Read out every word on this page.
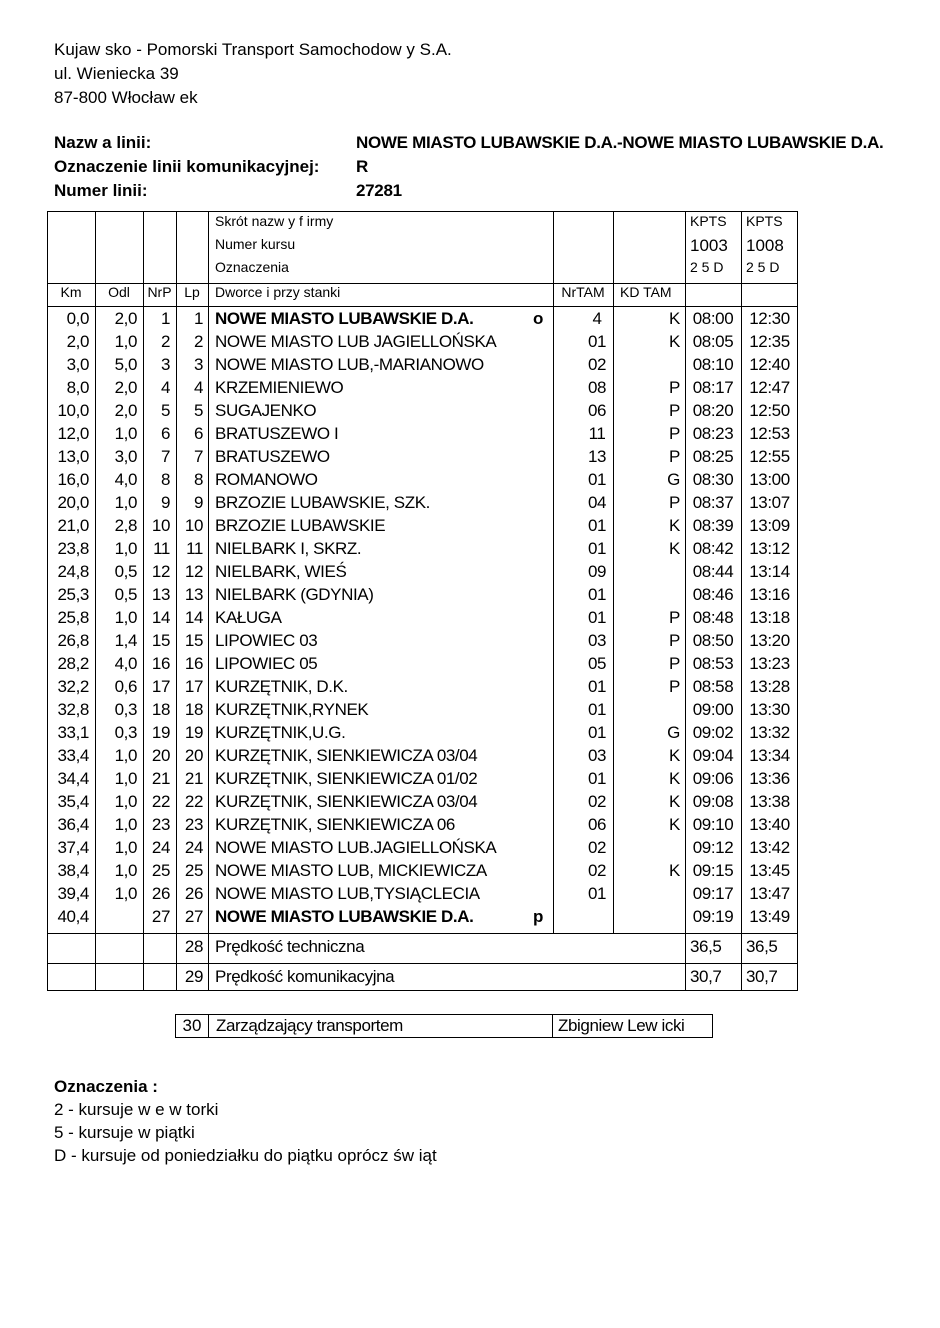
Kujaw sko - Pomorski Transport Samochodow y S.A.
ul. Wieniecka 39
87-800 Włocław ek
Nazw a linii:	NOWE MIASTO LUBAWSKIE D.A.-NOWE MIASTO LUBAWSKIE D.A.
Oznaczenie linii komunikacyjnej: R
Numer linii:	27281
Skrót nazw y f irmy
Numer kursu
Oznaczenia
KPTS
1003
2 5 D
KPTS
1008
2 5 D
Km	Odl	NrP Lp	Dworce i przy stanki	NrTAM	KD TAM
0,0	2,0	1	1 NOWE MIASTO LUBAWSKIE D.A.	o	4	K 08:00 12:30
2,0	1,0	2	2 NOWE MIASTO LUB JAGIELLOŃSKA	01	K 08:05 12:35
3,0	5,0	3	3 NOWE MIASTO LUB,-MARIANOWO	02	08:10 12:40
8,0	2,0	4	4 KRZEMIENIEWO	08	P 08:17 12:47
10,0	2,0	5	5 SUGAJENKO	06	P 08:20 12:50
12,0	1,0	6	6 BRATUSZEWO I	11	P 08:23 12:53
13,0	3,0	7	7 BRATUSZEWO	13	P 08:25 12:55
16,0	4,0	8	8 ROMANOWO	01	G 08:30 13:00
20,0	1,0	9	9 BRZOZIE LUBAWSKIE, SZK.	04	P 08:37 13:07
21,0	2,8 10 10 BRZOZIE LUBAWSKIE	01	K 08:39 13:09
23,8	1,0 11 11 NIELBARK I, SKRZ.	01	K 08:42 13:12
24,8	0,5 12 12 NIELBARK, WIEŚ	09	08:44 13:14
25,3	0,5 13 13 NIELBARK (GDYNIA)	01	08:46 13:16
25,8	1,0 14 14 KAŁUGA	01	P 08:48 13:18
26,8	1,4 15 15 LIPOWIEC 03	03	P 08:50 13:20
28,2	4,0 16 16 LIPOWIEC 05	05	P 08:53 13:23
32,2	0,6 17 17 KURZĘTNIK, D.K.	01	P 08:58 13:28
32,8	0,3 18 18 KURZĘTNIK,RYNEK	01	09:00 13:30
33,1	0,3 19 19 KURZĘTNIK,U.G.	01	G 09:02 13:32
33,4	1,0 20 20 KURZĘTNIK, SIENKIEWICZA 03/04	03	K 09:04 13:34
34,4	1,0 21 21 KURZĘTNIK, SIENKIEWICZA 01/02	01	K 09:06 13:36
35,4	1,0 22 22 KURZĘTNIK, SIENKIEWICZA 03/04	02	K 09:08 13:38
36,4	1,0 23 23 KURZĘTNIK, SIENKIEWICZA 06	06	K 09:10 13:40
37,4	1,0 24 24 NOWE MIASTO LUB.JAGIELLOŃSKA	02	09:12 13:42
38,4	1,0 25 25 NOWE MIASTO LUB, MICKIEWICZA	02	K 09:15 13:45
39,4	1,0 26 26 NOWE MIASTO LUB,TYSIĄCLECIA	01	09:17 13:47
40,4	27 27 NOWE MIASTO LUBAWSKIE D.A.	p	09:19 13:49
28 Prędkość techniczna	36,5 36,5
29 Prędkość komunikacyjna	30,7 30,7
30 Zarządzający transportem	Zbigniew Lew icki
Oznaczenia :
2 - kursuje w e w torki
5 - kursuje w piątki
D - kursuje od poniedziałku do piątku oprócz św iąt
